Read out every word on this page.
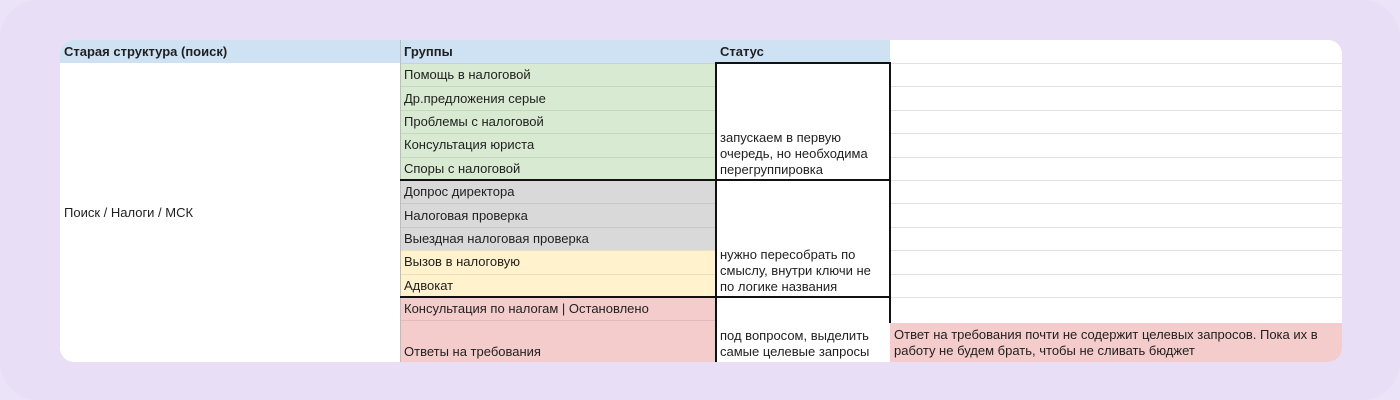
Старая структура (поиск)	Группы	Статус
Поиск / Налоги / МСК
Помощь в налоговой
Др.предложения серые
Проблемы с налоговой
Консультация юриста
Споры с налоговой
Допрос директора
Налоговая проверка
Выездная налоговая проверка
Вызов в налоговую
Адвокат
Консультация по налогам | Остановлено
Ответы на требования
запускаем в первую очередь, но необходима перегруппировка
нужно пересобрать по смыслу, внутри ключи не по логике названия
под вопросом, выделить самые целевые запросы
Ответ на требования почти не содержит целевых запросов. Пока их в работу не будем брать, чтобы не сливать бюджет
